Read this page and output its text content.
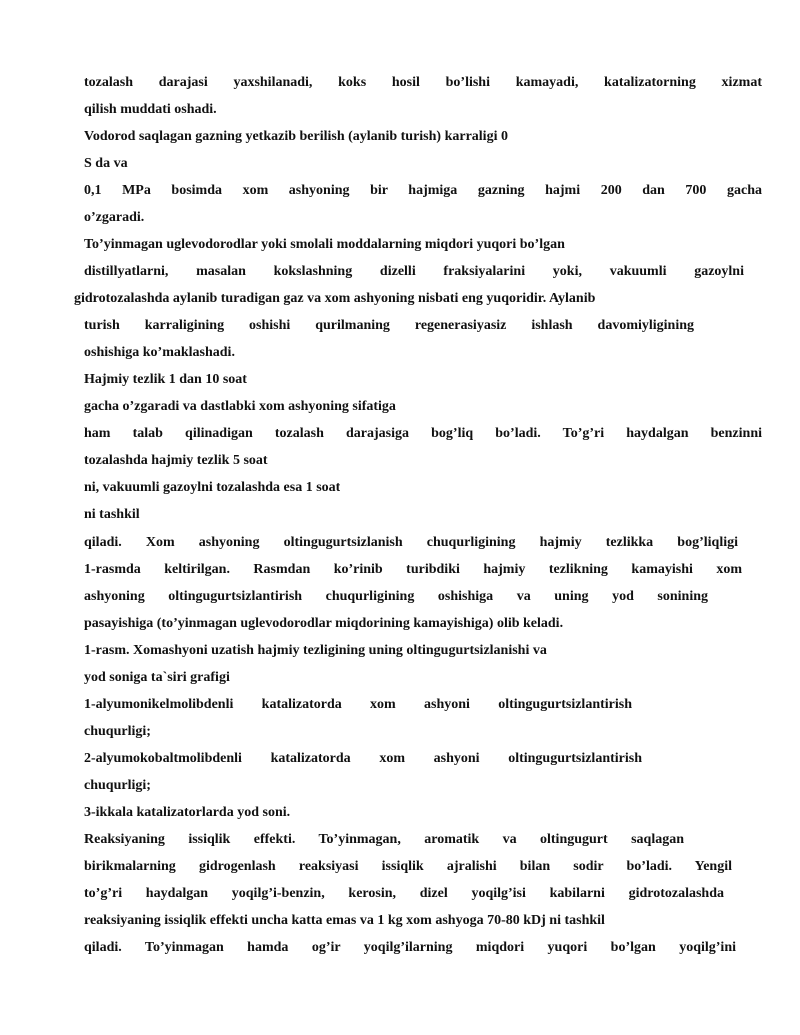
tozalash darajasi yaxshilanadi, koks hosil bo’lishi kamayadi, katalizatorning xizmat
qilish muddati oshadi.
Vodorod saqlagan gazning yetkazib berilish (aylanib turish) karraligi 0
S da va
0,1 MPa bosimda xom ashyoning bir hajmiga gazning hajmi 200 dan 700 gacha
o’zgaradi.
To’yinmagan uglevodorodlar yoki smolali moddalarning miqdori yuqori bo’lgan
distillyatlarni, masalan kokslashning dizelli fraksiyalarini yoki, vakuumli gazoylni
gidrotozalashda aylanib turadigan gaz va xom ashyoning nisbati eng yuqoridir. Aylanib
turish karraligining oshishi qurilmaning regenerasiyasiz ishlash davomiyligining
oshishiga ko’maklashadi.
Hajmiy tezlik 1 dan 10 soat
gacha o’zgaradi va dastlabki xom ashyoning sifatiga
ham talab qilinadigan tozalash darajasiga bog’liq bo’ladi. To’g’ri haydalgan benzinni
tozalashda hajmiy tezlik 5 soat
ni, vakuumli gazoylni tozalashda esa 1 soat
ni tashkil
qiladi. Xom ashyoning oltingugurtsizlanish chuqurligining hajmiy tezlikka bog’liqligi
1-rasmda keltirilgan. Rasmdan ko’rinib turibdiki hajmiy tezlikning kamayishi xom
ashyoning oltingugurtsizlantirish chuqurligining oshishiga va uning yod sonining
pasayishiga (to’yinmagan uglevodorodlar miqdorining kamayishiga) olib keladi.
1-rasm. Xomashyoni uzatish hajmiy tezligining uning oltingugurtsizlanishi va
yod soniga ta`siri grafigi
1-alyumonikelmolibdenli katalizatorda xom ashyoni oltingugurtsizlantirish
chuqurligi;
2-alyumokobaltmolibdenli katalizatorda xom ashyoni oltingugurtsizlantirish
chuqurligi;
3-ikkala katalizatorlarda yod soni.
Reaksiyaning issiqlik effekti. To’yinmagan, aromatik va oltingugurt saqlagan
birikmalarning gidrogenlash reaksiyasi issiqlik ajralishi bilan sodir bo’ladi. Yengil
to’g’ri haydalgan yoqilg’i-benzin, kerosin, dizel yoqilg’isi kabilarni gidrotozalashda
reaksiyaning issiqlik effekti uncha katta emas va 1 kg xom ashyoga 70-80 kDj ni tashkil
qiladi. To’yinmagan hamda og’ir yoqilg’ilarning miqdori yuqori bo’lgan yoqilg’ini
